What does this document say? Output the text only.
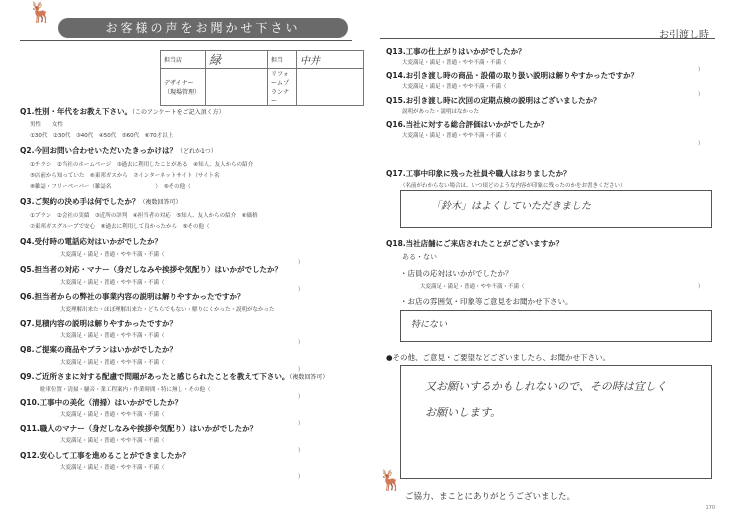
🦌
お客様の声をお聞かせ下さい
担当店	緑	担当	中井
デザイナー（現場管理）		リフォームプランナー	
Q1.性別・年代をお教え下さい。（このアンケートをご記入頂く方）
男性　　女性
①30代　②30代　③40代　④50代　⑤60代　⑥70才以上
Q2.今回お問い合わせいただいたきっかけは？（どれか1つ）
①チラシ　②当社のホームページ　③過去に利用したことがある　④知人、友人からの紹介
⑤店前から知っていた　⑥東邦ガスから　⑦インターネットサイト（サイト名
⑧雑誌・フリーペーパー（雑誌名　　　　　　　　）　⑨その他（
Q3.ご契約の決め手は何でしたか？（複数回答可）
①プラン　②会社の実績　③近所の評判　④担当者の対応　⑤知人、友人からの紹介　⑥価格
⑦東邦ガスグループで安心　⑧過去に利用して良かったから　⑨その他（
Q4.受付時の電話応対はいかがでしたか？
大変満足・満足・普通・やや不満・不満（
Q5.担当者の対応・マナー（身だしなみや挨拶や気配り）はいかがでしたか？
大変満足・満足・普通・やや不満・不満（
Q6.担当者からの弊社の事業内容の説明は解りやすかったですか？
大変理解出来た・ほぼ理解出来た・どちらでもない・解りにくかった・説明がなかった
Q7.見積内容の説明は解りやすかったですか？
大変満足・満足・普通・やや不満・不満（
Q8.ご提案の商品やプランはいかがでしたか？
大変満足・満足・普通・やや不満・不満（
Q9.ご近所さまに対する配慮で問題があったと感じられたことを教えて下さい。（複数回答可）
駐車位置・清掃・騒音・業工程案内・作業時間・特に無し・その他（
Q10.工事中の美化（清掃）はいかがでしたか？
大変満足・満足・普通・やや不満・不満（
Q11.職人のマナー（身だしなみや挨拶や気配り）はいかがでしたか？
大変満足・満足・普通・やや不満・不満（
Q12.安心して工事を進めることができましたか？
大変満足・満足・普通・やや不満・不満（
）
）

）
）
）
）
）
）
お引渡し時
Q13.工事の仕上がりはいかがでしたか？
大変満足・満足・普通・やや不満・不満（
Q14.お引き渡し時の商品・設備の取り扱い説明は解りやすかったですか？
大変満足・満足・普通・やや不満・不満（
Q15.お引き渡し時に次回の定期点検の説明はございましたか？
説明があった・説明はなかった
Q16.当社に対する総合評価はいかがでしたか？
大変満足・満足・普通・やや不満・不満（
）
）

）
Q17.工事中印象に残った社員や職人はおりましたか？
（名前がわからない場合は、いつ頃どのような内容が印象に残ったのかをお書きください）
「鈴木」はよくしていただきました
Q18.当社店舗にご来店されたことがございますか？
ある・ない
・店員の応対はいかがでしたか？
大変満足・満足・普通・やや不満・不満（	）
・お店の雰囲気・印象等ご意見をお聞かせ下さい。
特にない
●その他、ご意見・ご要望などございましたら、お聞かせ下さい。
又お願いするかもしれないので、その時は宜しく
お願いします。
🦌
ご協力、まことにありがとうございました。
170
